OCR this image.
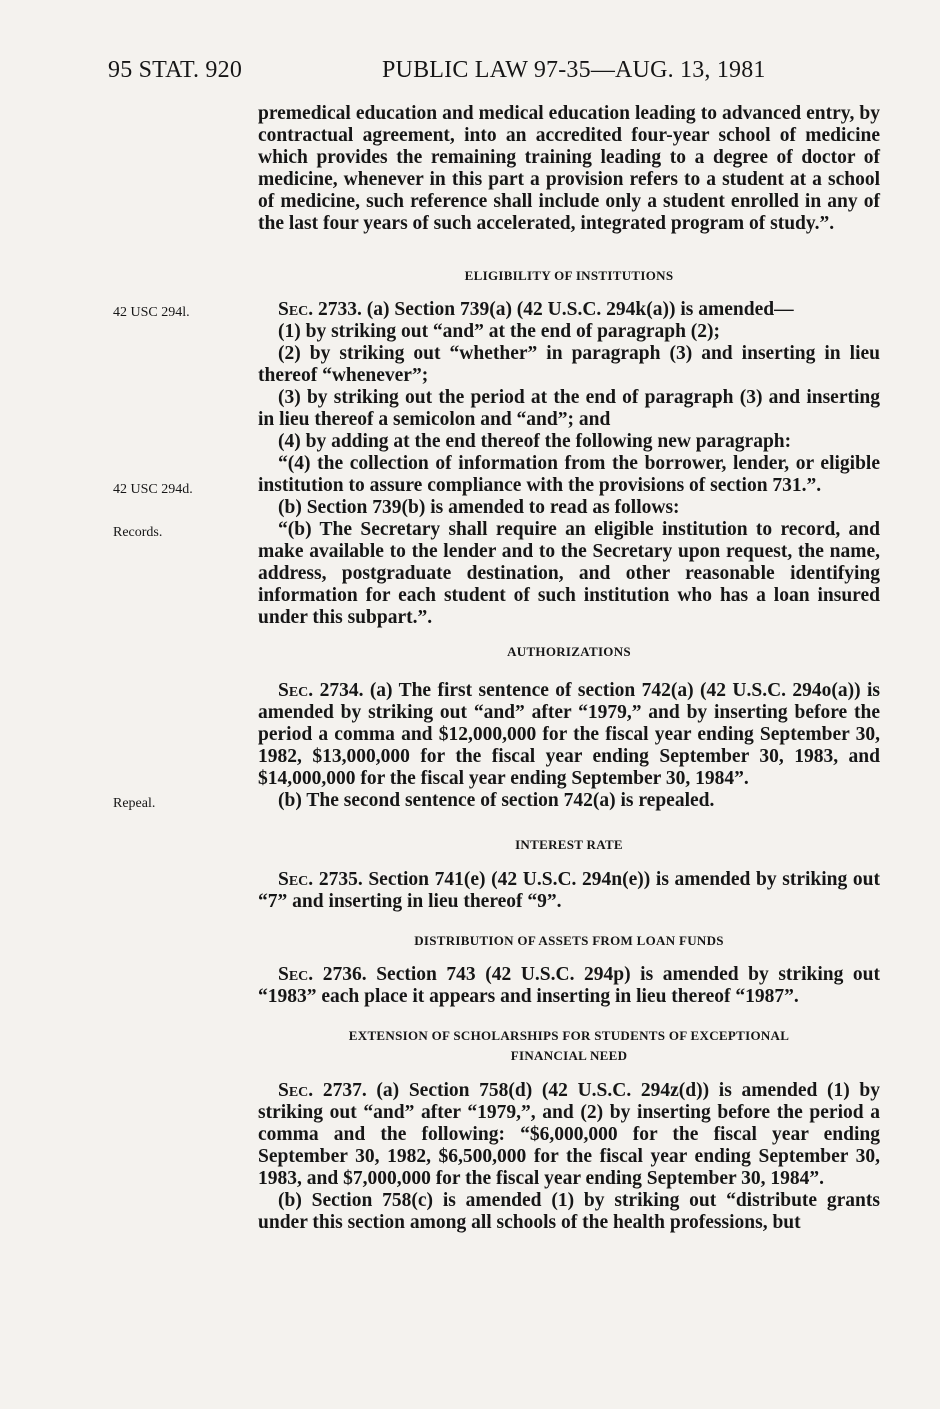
95 STAT. 920	PUBLIC LAW 97-35—AUG. 13, 1981

premedical education and medical education leading to advanced entry, by contractual agreement, into an accredited four-year school of medicine which provides the remaining training leading to a degree of doctor of medicine, whenever in this part a provision refers to a student at a school of medicine, such reference shall include only a student enrolled in any of the last four years of such accelerated, integrated program of study.”.

ELIGIBILITY OF INSTITUTIONS
42 USC 294l.
42 USC 294d.
Records.

Sec. 2733. (a) Section 739(a) (42 U.S.C. 294k(a)) is amended—

(1) by striking out “and” at the end of paragraph (2);

(2) by striking out “whether” in paragraph (3) and inserting in lieu thereof “whenever”;

(3) by striking out the period at the end of paragraph (3) and inserting in lieu thereof a semicolon and “and”; and

(4) by adding at the end thereof the following new paragraph:

“(4) the collection of information from the borrower, lender, or eligible institution to assure compliance with the provisions of section 731.”.

(b) Section 739(b) is amended to read as follows:

“(b) The Secretary shall require an eligible institution to record, and make available to the lender and to the Secretary upon request, the name, address, postgraduate destination, and other reasonable identifying information for each student of such institution who has a loan insured under this subpart.”.

AUTHORIZATIONS
Repeal.

Sec. 2734. (a) The first sentence of section 742(a) (42 U.S.C. 294o(a)) is amended by striking out “and” after “1979,” and by inserting before the period a comma and $12,000,000 for the fiscal year ending September 30, 1982, $13,000,000 for the fiscal year ending September 30, 1983, and $14,000,000 for the fiscal year ending September 30, 1984”.

(b) The second sentence of section 742(a) is repealed.

INTEREST RATE

Sec. 2735. Section 741(e) (42 U.S.C. 294n(e)) is amended by striking out “7” and inserting in lieu thereof “9”.

DISTRIBUTION OF ASSETS FROM LOAN FUNDS

Sec. 2736. Section 743 (42 U.S.C. 294p) is amended by striking out “1983” each place it appears and inserting in lieu thereof “1987”.

EXTENSION OF SCHOLARSHIPS FOR STUDENTS OF EXCEPTIONAL
FINANCIAL NEED

Sec. 2737. (a) Section 758(d) (42 U.S.C. 294z(d)) is amended (1) by striking out “and” after “1979,”, and (2) by inserting before the period a comma and the following: “$6,000,000 for the fiscal year ending September 30, 1982, $6,500,000 for the fiscal year ending September 30, 1983, and $7,000,000 for the fiscal year ending September 30, 1984”.

(b) Section 758(c) is amended (1) by striking out “distribute grants under this section among all schools of the health professions, but
